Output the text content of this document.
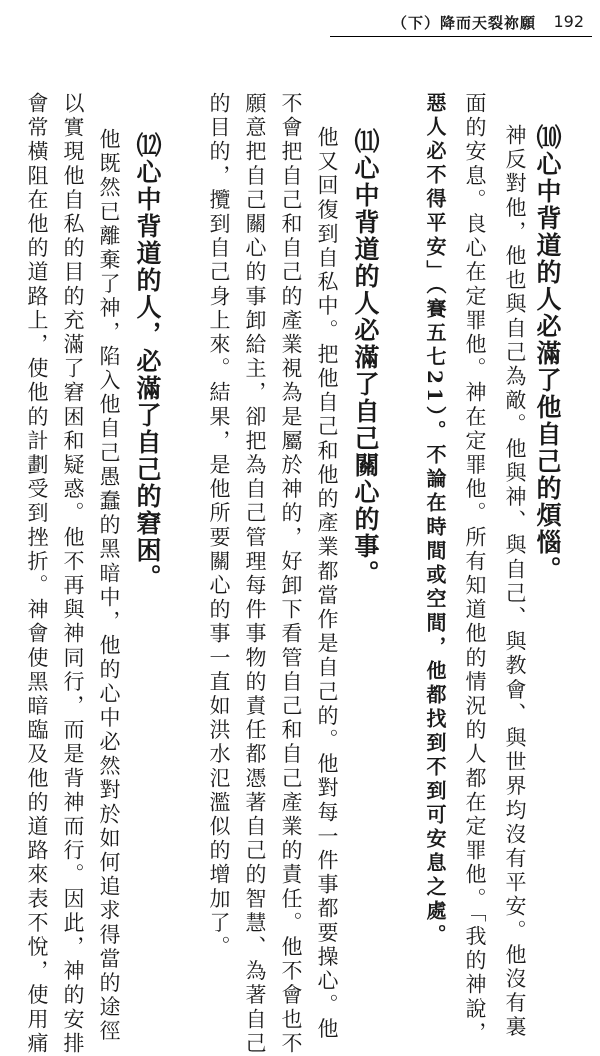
（下）降而天裂祢願 192
⑽心中背道的人必滿了他自己的煩惱。
神反對他，他也與自己為敵。他與神、與自己、與教會、與世界均沒有平安。他沒有裏
面的安息。良心在定罪他。神在定罪他。所有知道他的情況的人都在定罪他。「我的神說，
惡人必不得平安」（賽五七21）。不論在時間或空間，他都找到不到可安息之處。
⑾心中背道的人必滿了自己關心的事。
他又回復到自私中。把他自己和他的產業都當作是自己的。他對每一件事都要操心。他
不會把自己和自己的產業視為是屬於神的，好卸下看管自己和自己產業的責任。他不會也不
願意把自己關心的事卸給主，卻把為自己管理每件事物的責任都憑著自己的智慧、為著自己
的目的，攬到自己身上來。結果，是他所要關心的事一直如洪水氾濫似的增加了。
⑿心中背道的人，必滿了自己的窘困。
他既然已離棄了神，陷入他自己愚蠢的黑暗中，他的心中必然對於如何追求得當的途徑
以實現他自私的目的充滿了窘困和疑惑。他不再與神同行，而是背神而行。因此，神的安排
會常橫阻在他的道路上，使他的計劃受到挫折。神會使黑暗臨及他的道路來表不悅，使用痛
